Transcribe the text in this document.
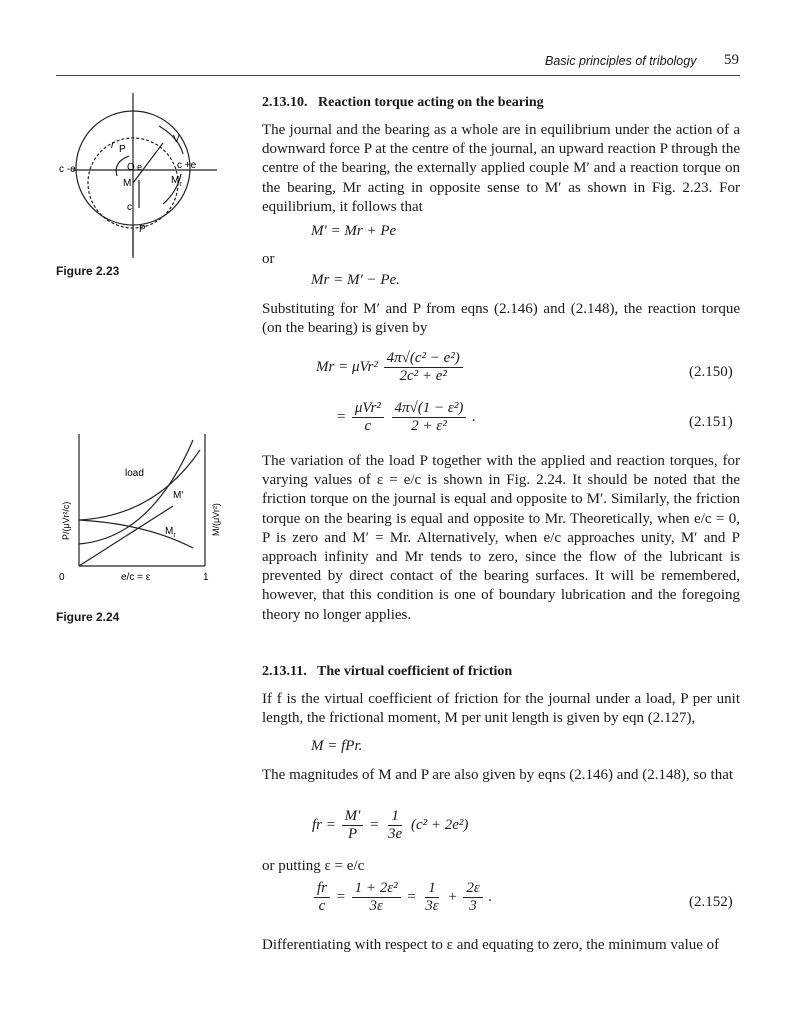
Basic principles of tribology 59
c -e	c +e
P
r
V
O e
M	$M_r$
c
P
Figure 2.23
load
M'
$M_r$
P/(μVr²/c)	M/(μVr²)
0	e/c = ε	1
Figure 2.24
2.13.10. Reaction torque acting on the bearing

The journal and the bearing as a whole are in equilibrium under the action of a downward force P at the centre of the journal, an upward reaction P through the centre of the bearing, the externally applied couple M′ and a reaction torque on the bearing, Mr acting in opposite sense to M′ as shown in Fig. 2.23. For equilibrium, it follows that

M′ = Mr + Pe
or
Mr = M′ − Pe.

Substituting for M′ and P from eqns (2.146) and (2.148), the reaction torque (on the bearing) is given by

$Mr = \mu Vr^2 \frac{\text{4π√(c² − e²)}}{\text{2c² + e²}}$	(2.150)
= $\frac{\text{μVr²}}{c}$
$\frac{\text{4π√(1 − ε²)}}{\text{2 + ε²}}$ .	(2.151)

The variation of the load P together with the applied and reaction torques, for varying values of ε = e/c is shown in Fig. 2.24. It should be noted that the friction torque on the journal is equal and opposite to M′. Similarly, the friction torque on the bearing is equal and opposite to Mr. Theoretically, when e/c = 0, P is zero and M′ = Mr. Alternatively, when e/c approaches unity, M′ and P approach infinity and Mr tends to zero, since the flow of the lubricant is prevented by direct contact of the bearing surfaces. It will be remembered, however, that this condition is one of boundary lubrication and the foregoing theory no longer applies.

2.13.11. The virtual coefficient of friction

If f is the virtual coefficient of friction for the journal under a load, P per unit length, the frictional moment, M per unit length is given by eqn (2.127),

M = fPr.

The magnitudes of M and P are also given by eqns (2.146) and (2.148), so that

fr = $\frac{M'}{P} = \frac{1}{3e} (c^2 + 2e^2)$
or putting ε = e/c
$\frac{fr}{c} = \frac{\text{1 + 2ε²}}{3\varepsilon} = \frac{1}{3\varepsilon} + \frac{2\varepsilon}{3}$ .	(2.152)

Differentiating with respect to ε and equating to zero, the minimum value of
